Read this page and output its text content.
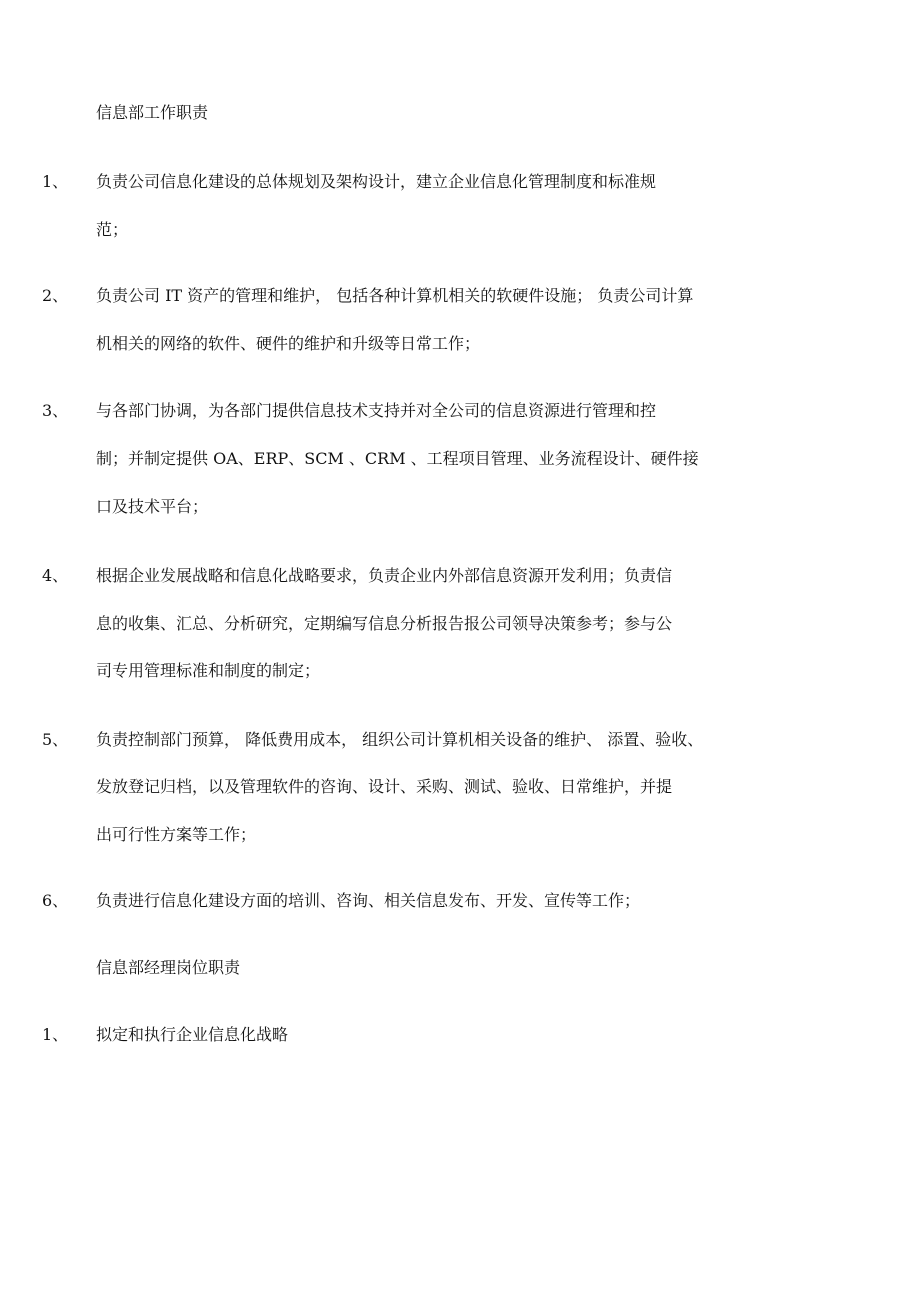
信息部工作职责
1、 负责公司信息化建设的总体规划及架构设计，建立企业信息化管理制度和标准规
范；
2、 负责公司 IT 资产的管理和维护， 包括各种计算机相关的软硬件设施； 负责公司计算
机相关的网络的软件、硬件的维护和升级等日常工作；
3、 与各部门协调，为各部门提供信息技术支持并对全公司的信息资源进行管理和控
制；并制定提供 OA、ERP、SCM 、CRM 、工程项目管理、业务流程设计、硬件接
口及技术平台；
4、 根据企业发展战略和信息化战略要求，负责企业内外部信息资源开发利用；负责信
息的收集、汇总、分析研究，定期编写信息分析报告报公司领导决策参考；参与公
司专用管理标准和制度的制定；
5、 负责控制部门预算， 降低费用成本， 组织公司计算机相关设备的维护、 添置、验收、
发放登记归档，以及管理软件的咨询、设计、采购、测试、验收、日常维护，并提
出可行性方案等工作；
6、 负责进行信息化建设方面的培训、咨询、相关信息发布、开发、宣传等工作；
信息部经理岗位职责
1、 拟定和执行企业信息化战略
